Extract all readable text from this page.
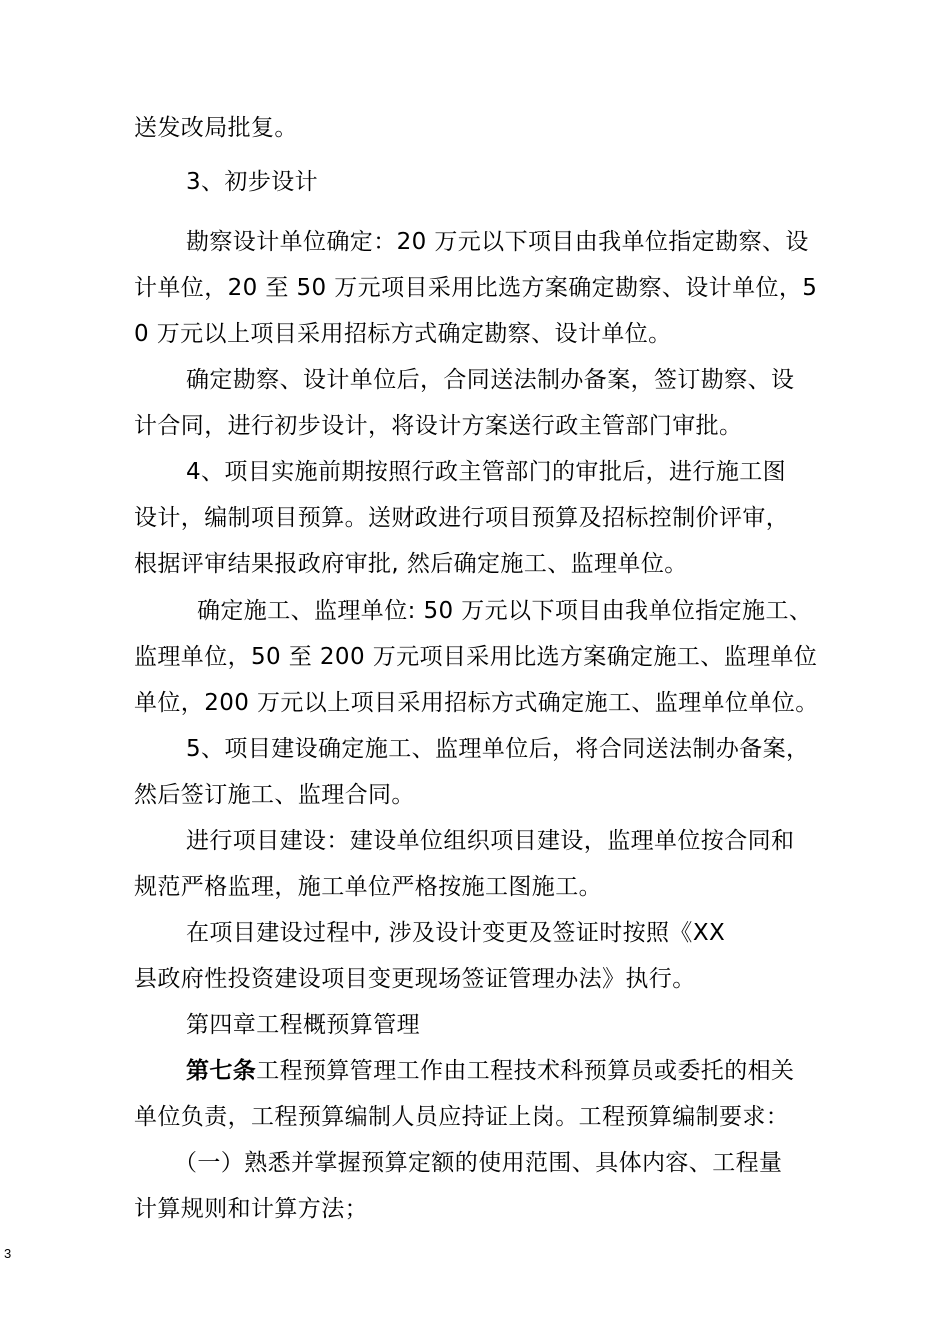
送发改局批复。
3、初步设计
勘察设计单位确定：20 万元以下项目由我单位指定勘察、设
计单位，20 至 50 万元项目采用比选方案确定勘察、设计单位，5
0 万元以上项目采用招标方式确定勘察、设计单位。
确定勘察、设计单位后，合同送法制办备案，签订勘察、设
计合同，进行初步设计，将设计方案送行政主管部门审批。
4、项目实施前期按照行政主管部门的审批后，进行施工图
设计，编制项目预算。送财政进行项目预算及招标控制价评审，
根据评审结果报政府审批, 然后确定施工、监理单位。
确定施工、监理单位: 50 万元以下项目由我单位指定施工、
监理单位，50 至 200 万元项目采用比选方案确定施工、监理单位
单位，200 万元以上项目采用招标方式确定施工、监理单位单位。
5、项目建设确定施工、监理单位后，将合同送法制办备案，
然后签订施工、监理合同。
进行项目建设：建设单位组织项目建设，监理单位按合同和
规范严格监理，施工单位严格按施工图施工。
在项目建设过程中, 涉及设计变更及签证时按照《XX
县政府性投资建设项目变更现场签证管理办法》执行。
第四章工程概预算管理
第七条工程预算管理工作由工程技术科预算员或委托的相关
单位负责，工程预算编制人员应持证上岗。工程预算编制要求：
（一）熟悉并掌握预算定额的使用范围、具体内容、工程量
计算规则和计算方法；
3
